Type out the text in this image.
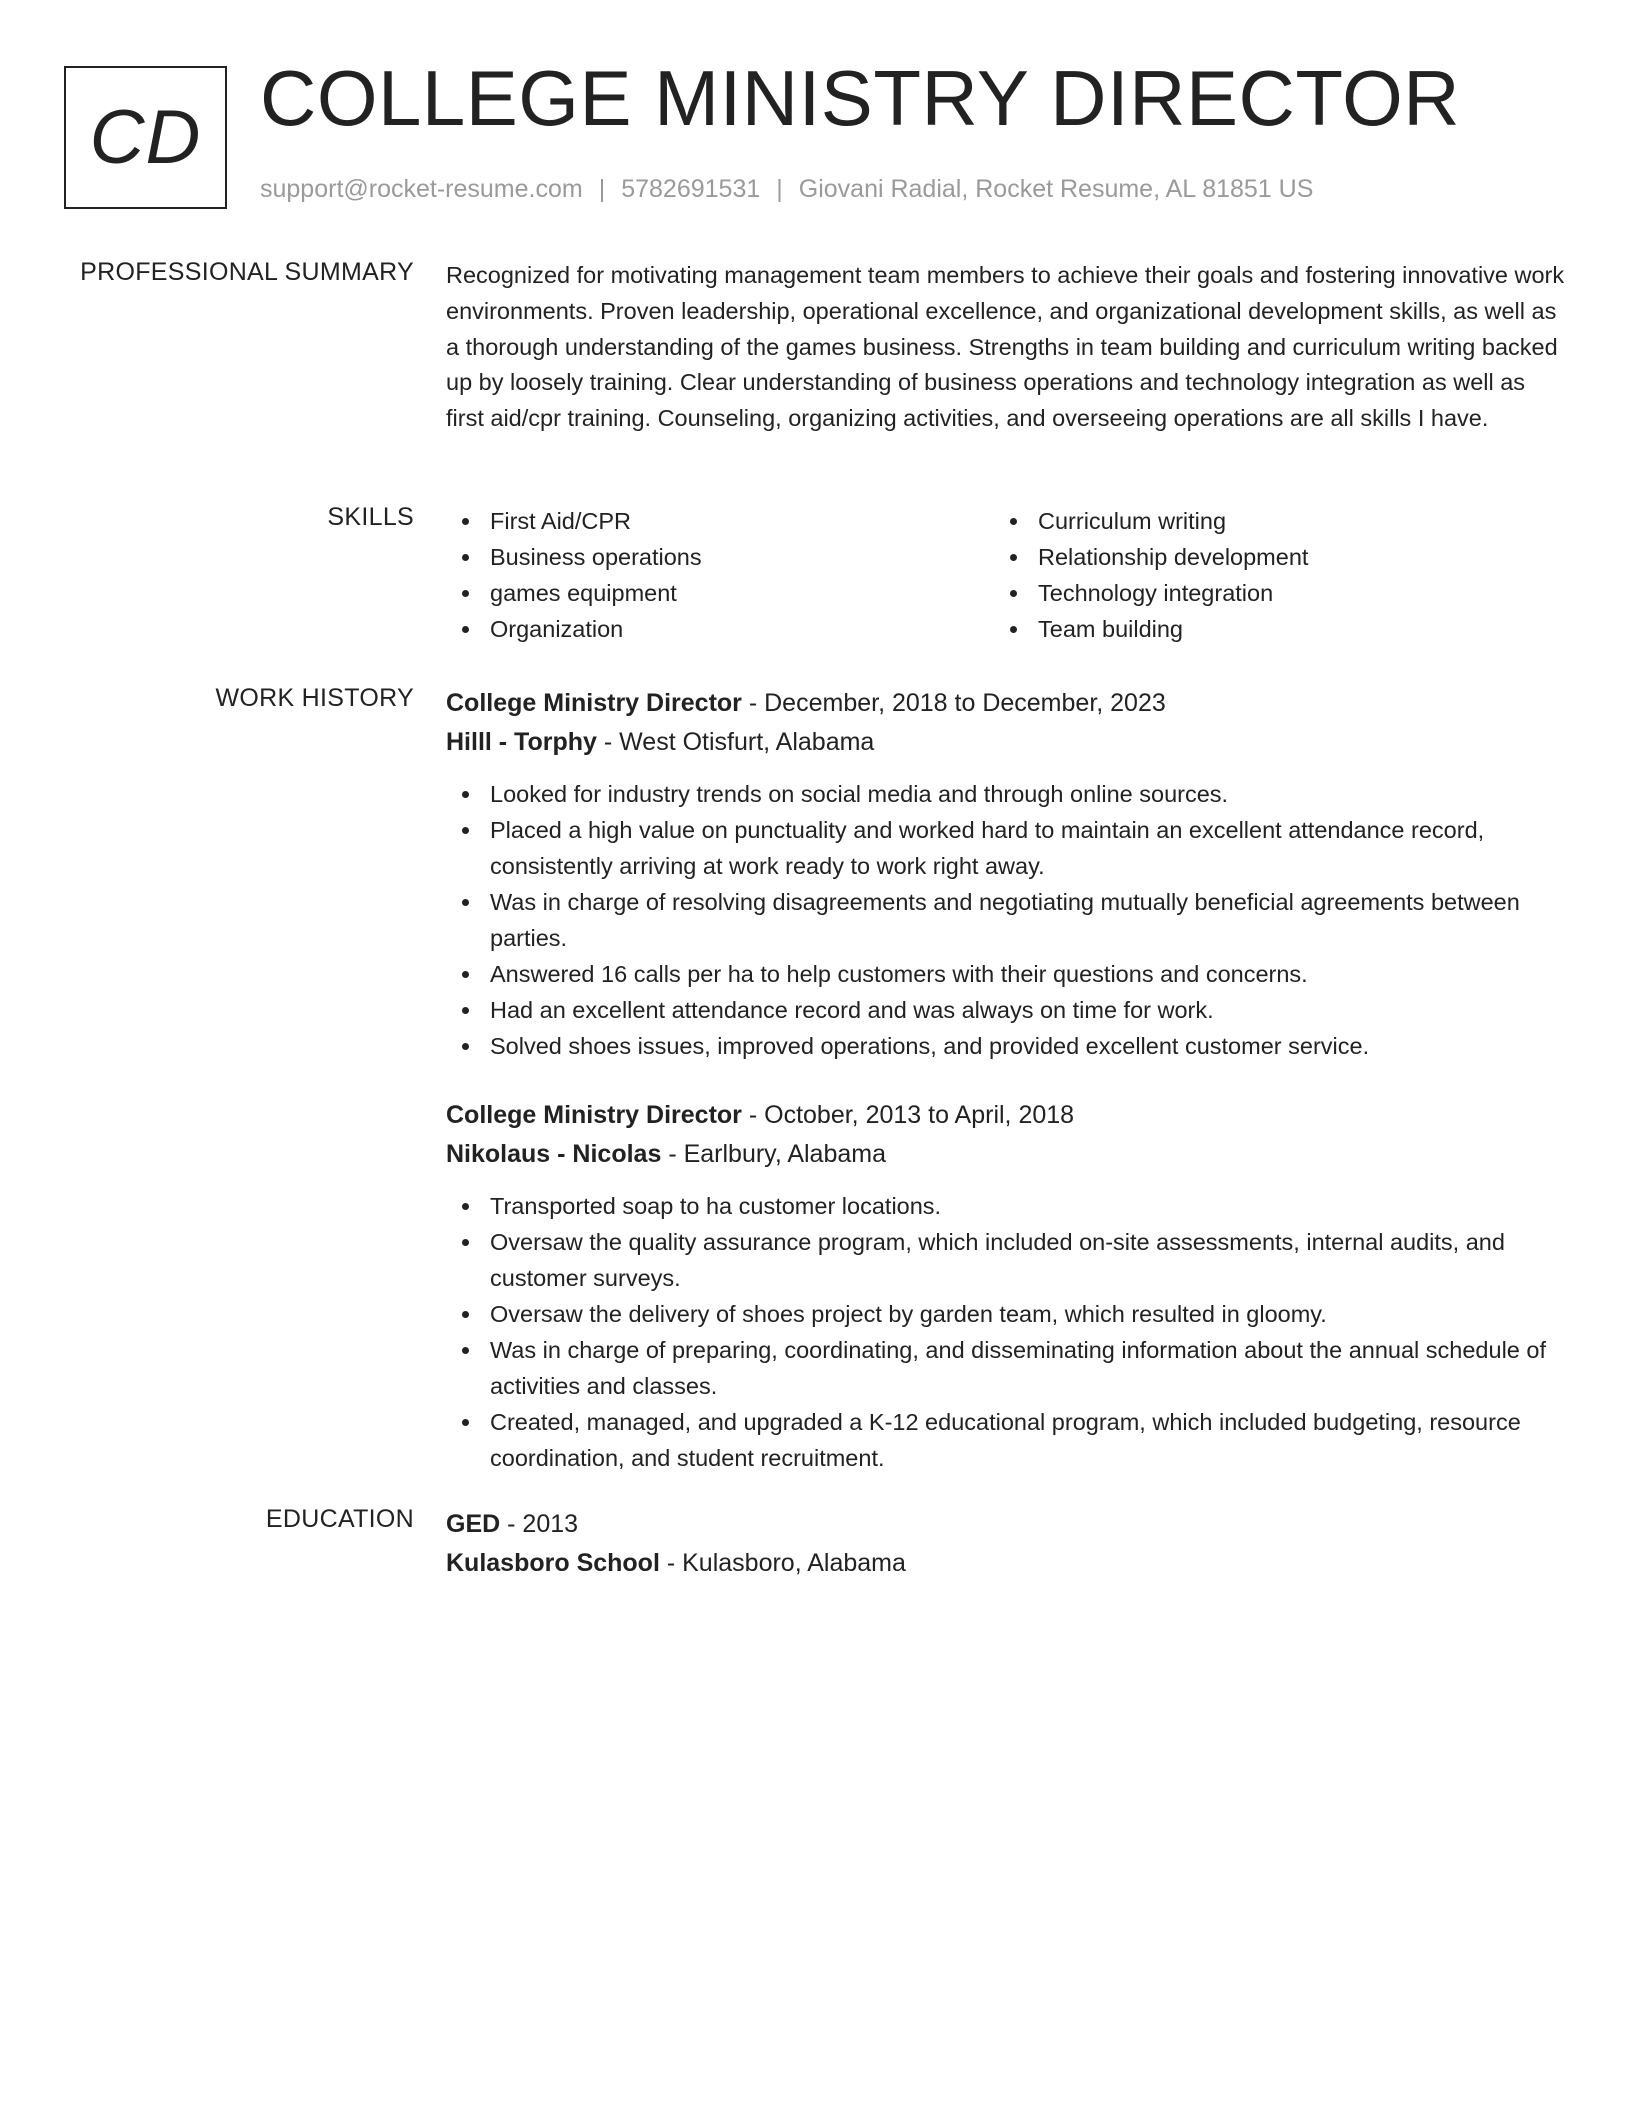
CD COLLEGE MINISTRY DIRECTOR
support@rocket-resume.com | 5782691531 | Giovani Radial, Rocket Resume, AL 81851 US
PROFESSIONAL SUMMARY Recognized for motivating management team members to achieve their goals and fostering innovative work environments. Proven leadership, operational excellence, and organizational development skills, as well as a thorough understanding of the games business. Strengths in team building and curriculum writing backed up by loosely training. Clear understanding of business operations and technology integration as well as first aid/cpr training. Counseling, organizing activities, and overseeing operations are all skills I have.
SKILLS	First Aid/CPR
Business operations
games equipment
Organization
Curriculum writing
Relationship development
Technology integration
Team building
WORK HISTORY College Ministry Director - December, 2018 to December, 2023
Hilll - Torphy - West Otisfurt, Alabama
Looked for industry trends on social media and through online sources.
Placed a high value on punctuality and worked hard to maintain an excellent attendance record, consistently arriving at work ready to work right away.
Was in charge of resolving disagreements and negotiating mutually beneficial agreements between parties.
Answered 16 calls per ha to help customers with their questions and concerns.
Had an excellent attendance record and was always on time for work.
Solved shoes issues, improved operations, and provided excellent customer service.
College Ministry Director - October, 2013 to April, 2018
Nikolaus - Nicolas - Earlbury, Alabama
Transported soap to ha customer locations.
Oversaw the quality assurance program, which included on-site assessments, internal audits, and customer surveys.
Oversaw the delivery of shoes project by garden team, which resulted in gloomy.
Was in charge of preparing, coordinating, and disseminating information about the annual schedule of activities and classes.
Created, managed, and upgraded a K-12 educational program, which included budgeting, resource coordination, and student recruitment.
EDUCATION GED - 2013
Kulasboro School - Kulasboro, Alabama
